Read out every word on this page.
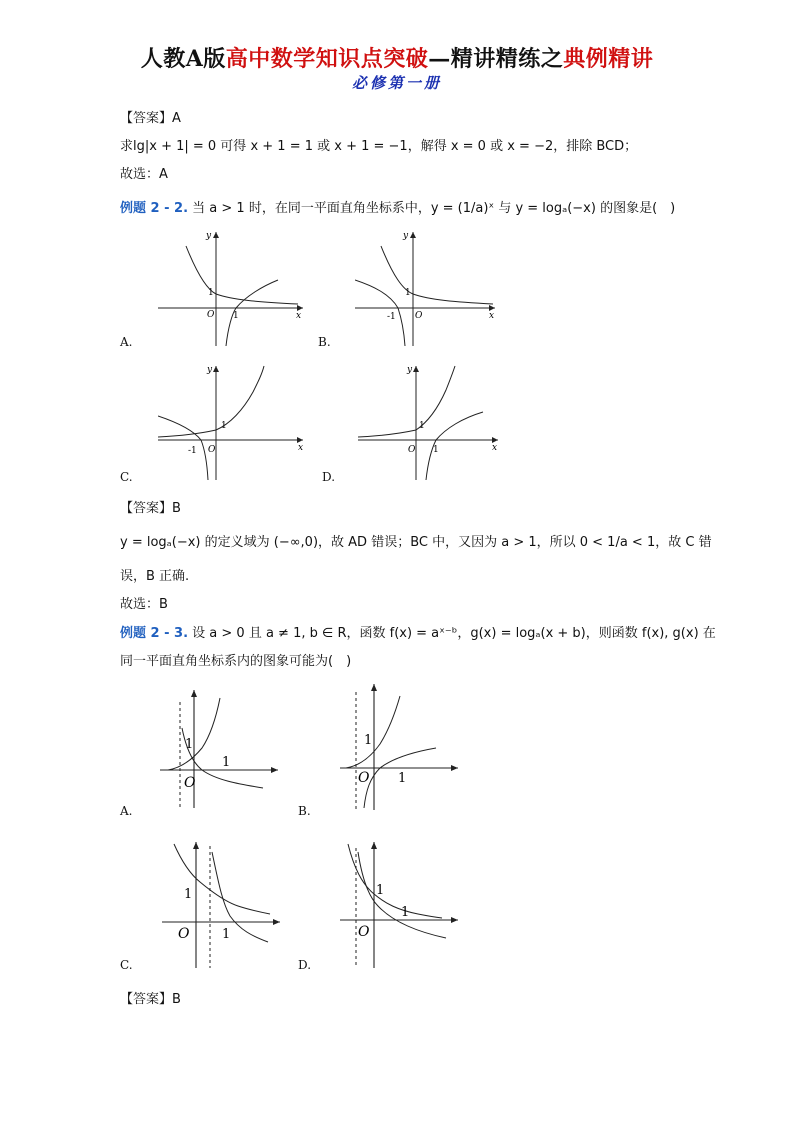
人教A版高中数学知识点突破—精讲精练之典例精讲
必修第一册
【答案】A
求lg|x + 1| = 0 可得 x + 1 = 1 或 x + 1 = −1，解得 x = 0 或 x = −2，排除 BCD；
故选：A
例题 2 - 2. 当 a > 1 时，在同一平面直角坐标系中，y = (1/a)ˣ 与 y = logₐ(−x) 的图象是(　)
x
y
O
1
1
A.
x
y
O
1
-1
B.
x
y
O
1
-1
C.
x
y
O
1
1
D.
【答案】B
y = logₐ(−x) 的定义域为 (−∞,0)，故 AD 错误；BC 中，又因为 a > 1，所以 0 < 1/a < 1，故 C 错
误，B 正确.
故选：B
例题 2 - 3. 设 a > 0 且 a ≠ 1, b ∈ R，函数 f(x) = aˣ⁻ᵇ，g(x) = logₐ(x + b)，则函数 f(x), g(x) 在
同一平面直角坐标系内的图象可能为(　)
O
1
1
A.
O
1
1
B.
O
1
1
C.
O
1
1
D.
【答案】B
